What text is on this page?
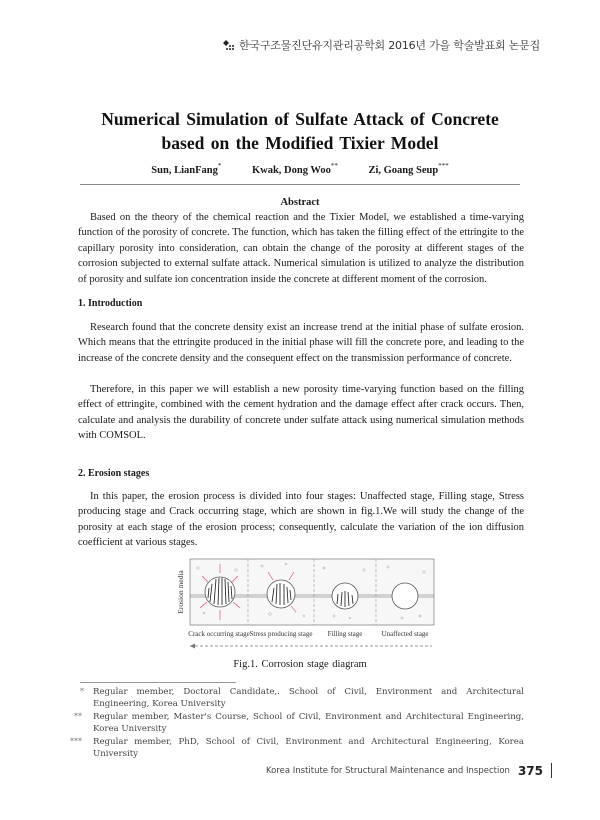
한국구조물진단유지관리공학회 2016년 가을 학술발표회 논문집
Numerical Simulation of Sulfate Attack of Concrete
based on the Modified Tixier Model
Sun, LianFang*	Kwak, Dong Woo**	Zi, Goang Seup***
Abstract

Based on the theory of the chemical reaction and the Tixier Model, we established a time-varying function of the porosity of concrete. The function, which has taken the filling effect of the ettringite to the capillary porosity into consideration, can obtain the change of the porosity at different stages of the corrosion subjected to external sulfate attack. Numerical simulation is utilized to analyze the distribution of porosity and sulfate ion concentration inside the concrete at different moment of the corrosion.

1. Introduction

Research found that the concrete density exist an increase trend at the initial phase of sulfate erosion. Which means that the ettringite produced in the initial phase will fill the concrete pore, and leading to the increase of the concrete density and the consequent effect on the transmission performance of concrete.

Therefore, in this paper we will establish a new porosity time-varying function based on the filling effect of ettringite, combined with the cement hydration and the damage effect after crack occurs. Then, calculate and analysis the durability of concrete under sulfate attack using numerical simulation methods with COMSOL.

2. Erosion stages

In this paper, the erosion process is divided into four stages: Unaffected stage, Filling stage, Stress producing stage and Crack occurring stage, which are shown in fig.1.We will study the change of the porosity at each stage of the erosion process; consequently, calculate the variation of the ion diffusion coefficient at various stages.

Erosion media
Crack occurring stage Stress producing stage Filling stage	Unaffected stage
Fig.1. Corrosion stage diagram
* Regular member, Doctoral Candidate,. School of Civil, Environment and Architectural Engineering, Korea University
** Regular member, Master's Course, School of Civil, Environment and Architectural Engineering, Korea University
*** Regular member, PhD, School of Civil, Environment and Architectural Engineering, Korea University
Korea Institute for Structural Maintenance and Inspection 375
